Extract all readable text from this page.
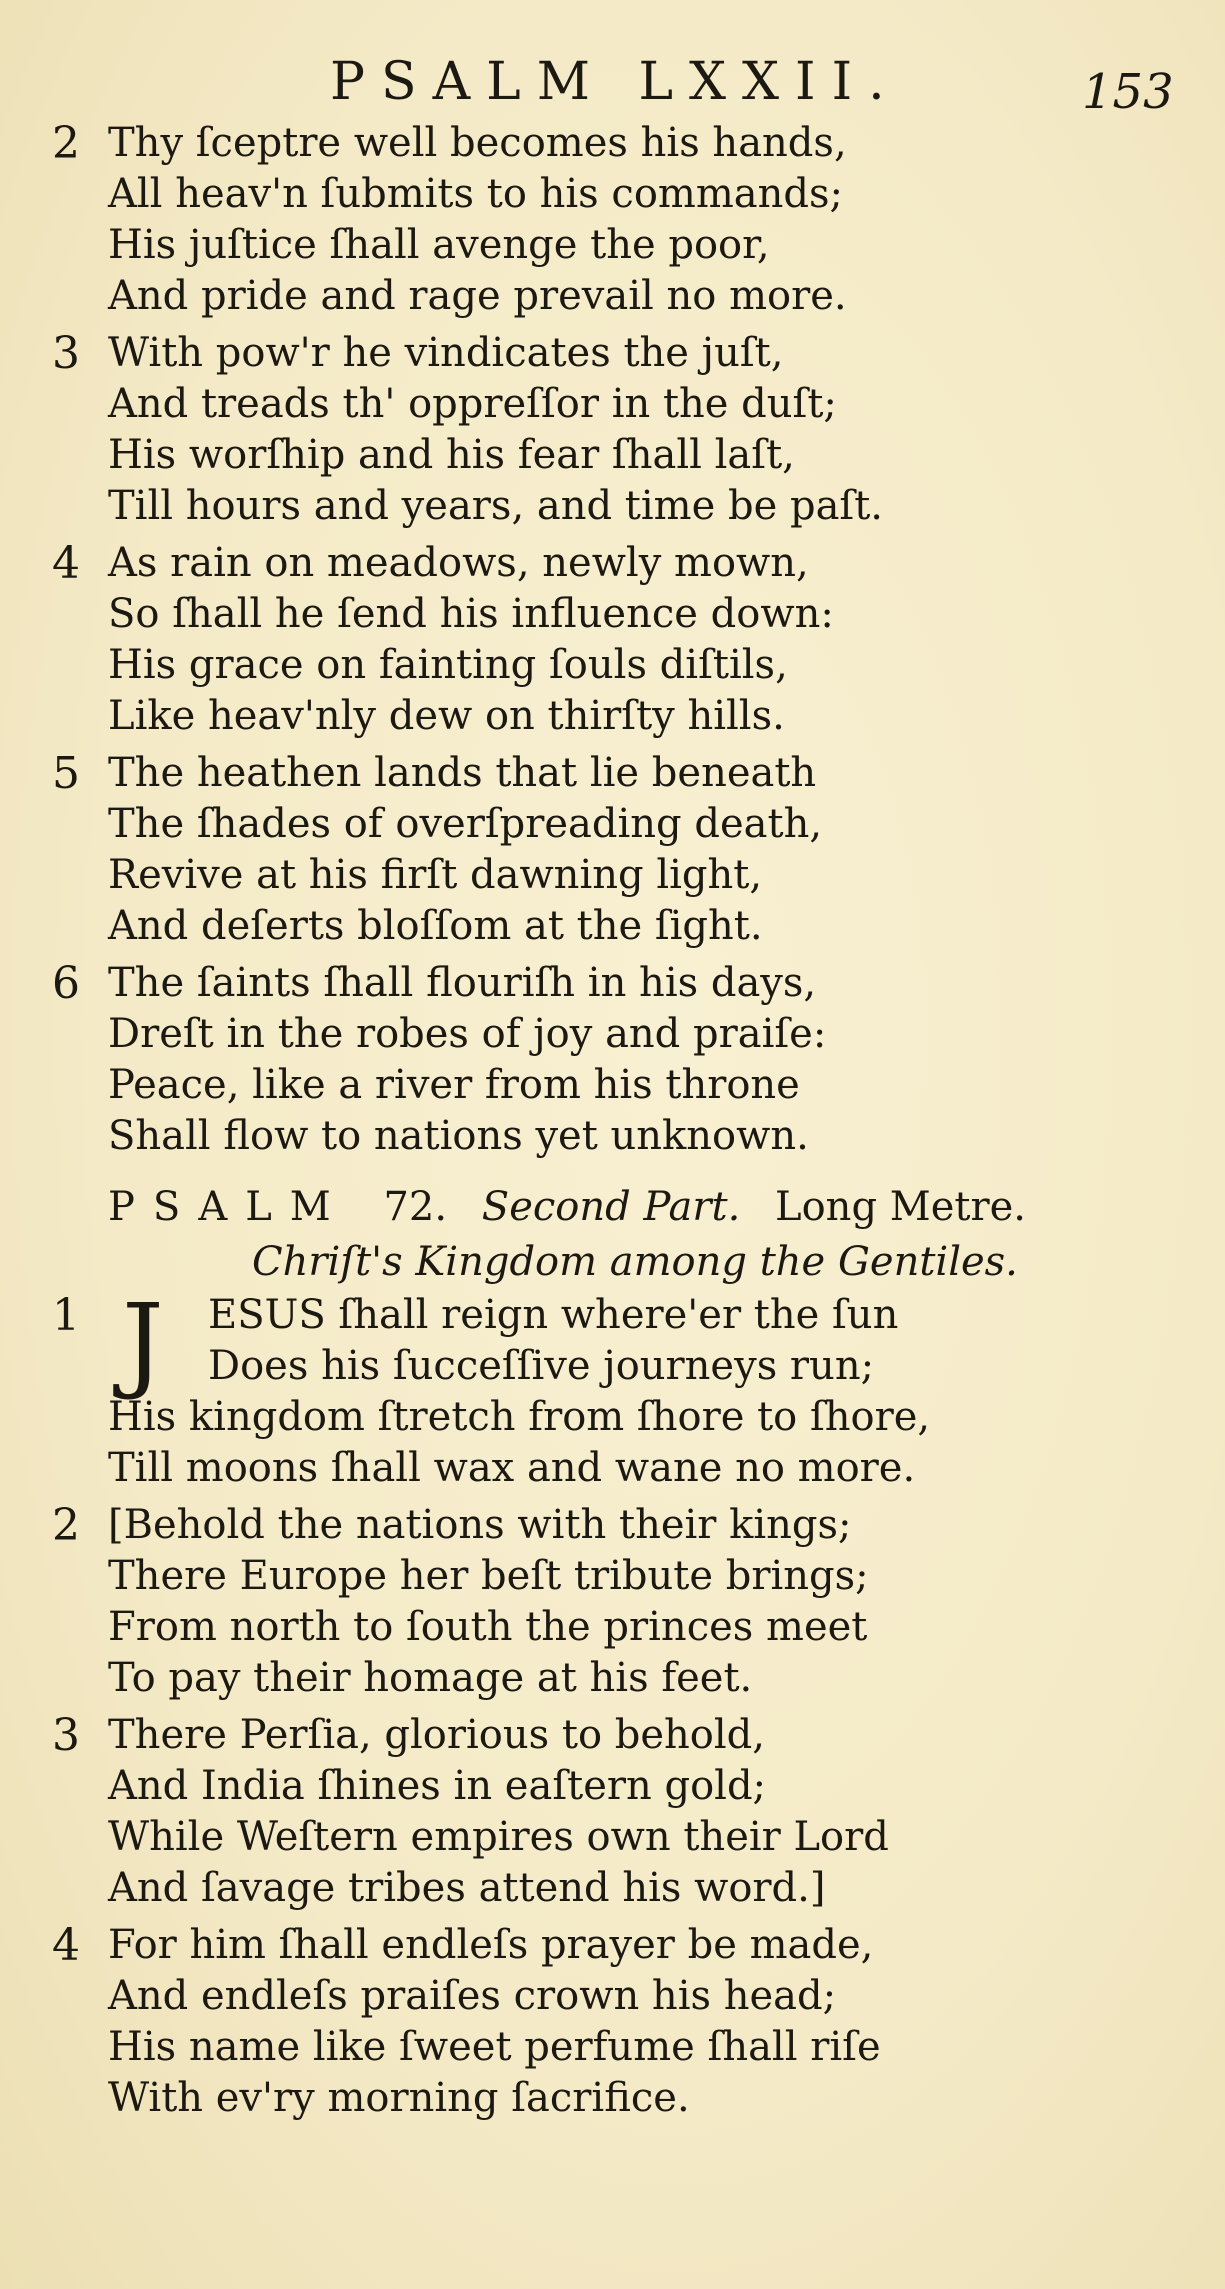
PSALM LXXII.	153
2 Thy ſceptre well becomes his hands,
All heav'n ſubmits to his commands;
His juſtice ſhall avenge the poor,
And pride and rage prevail no more.
3 With pow'r he vindicates the juſt,
And treads th' oppreſſor in the duſt;
His worſhip and his fear ſhall laſt,
Till hours and years, and time be paſt.
4 As rain on meadows, newly mown,
So ſhall he ſend his influence down:
His grace on fainting ſouls diſtils,
Like heav'nly dew on thirſty hills.
5 The heathen lands that lie beneath
The ſhades of overſpreading death,
Revive at his firſt dawning light,
And deſerts bloſſom at the ſight.
6 The ſaints ſhall flouriſh in his days,
Dreſt in the robes of joy and praiſe:
Peace, like a river from his throne
Shall flow to nations yet unknown.
PSALM 72. Second Part. Long Metre.
Chriſt's Kingdom among the Gentiles.
1 J ESUS ſhall reign where'er the ſun
Does his ſucceſſive journeys run;
His kingdom ſtretch from ſhore to ſhore,
Till moons ſhall wax and wane no more.
2 [Behold the nations with their kings;
There Europe her beſt tribute brings;
From north to ſouth the princes meet
To pay their homage at his feet.
3 There Perſia, glorious to behold,
And India ſhines in eaſtern gold;
While Weſtern empires own their Lord
And ſavage tribes attend his word.]
4 For him ſhall endleſs prayer be made,
And endleſs praiſes crown his head;
His name like ſweet perfume ſhall riſe
With ev'ry morning ſacrifice.
